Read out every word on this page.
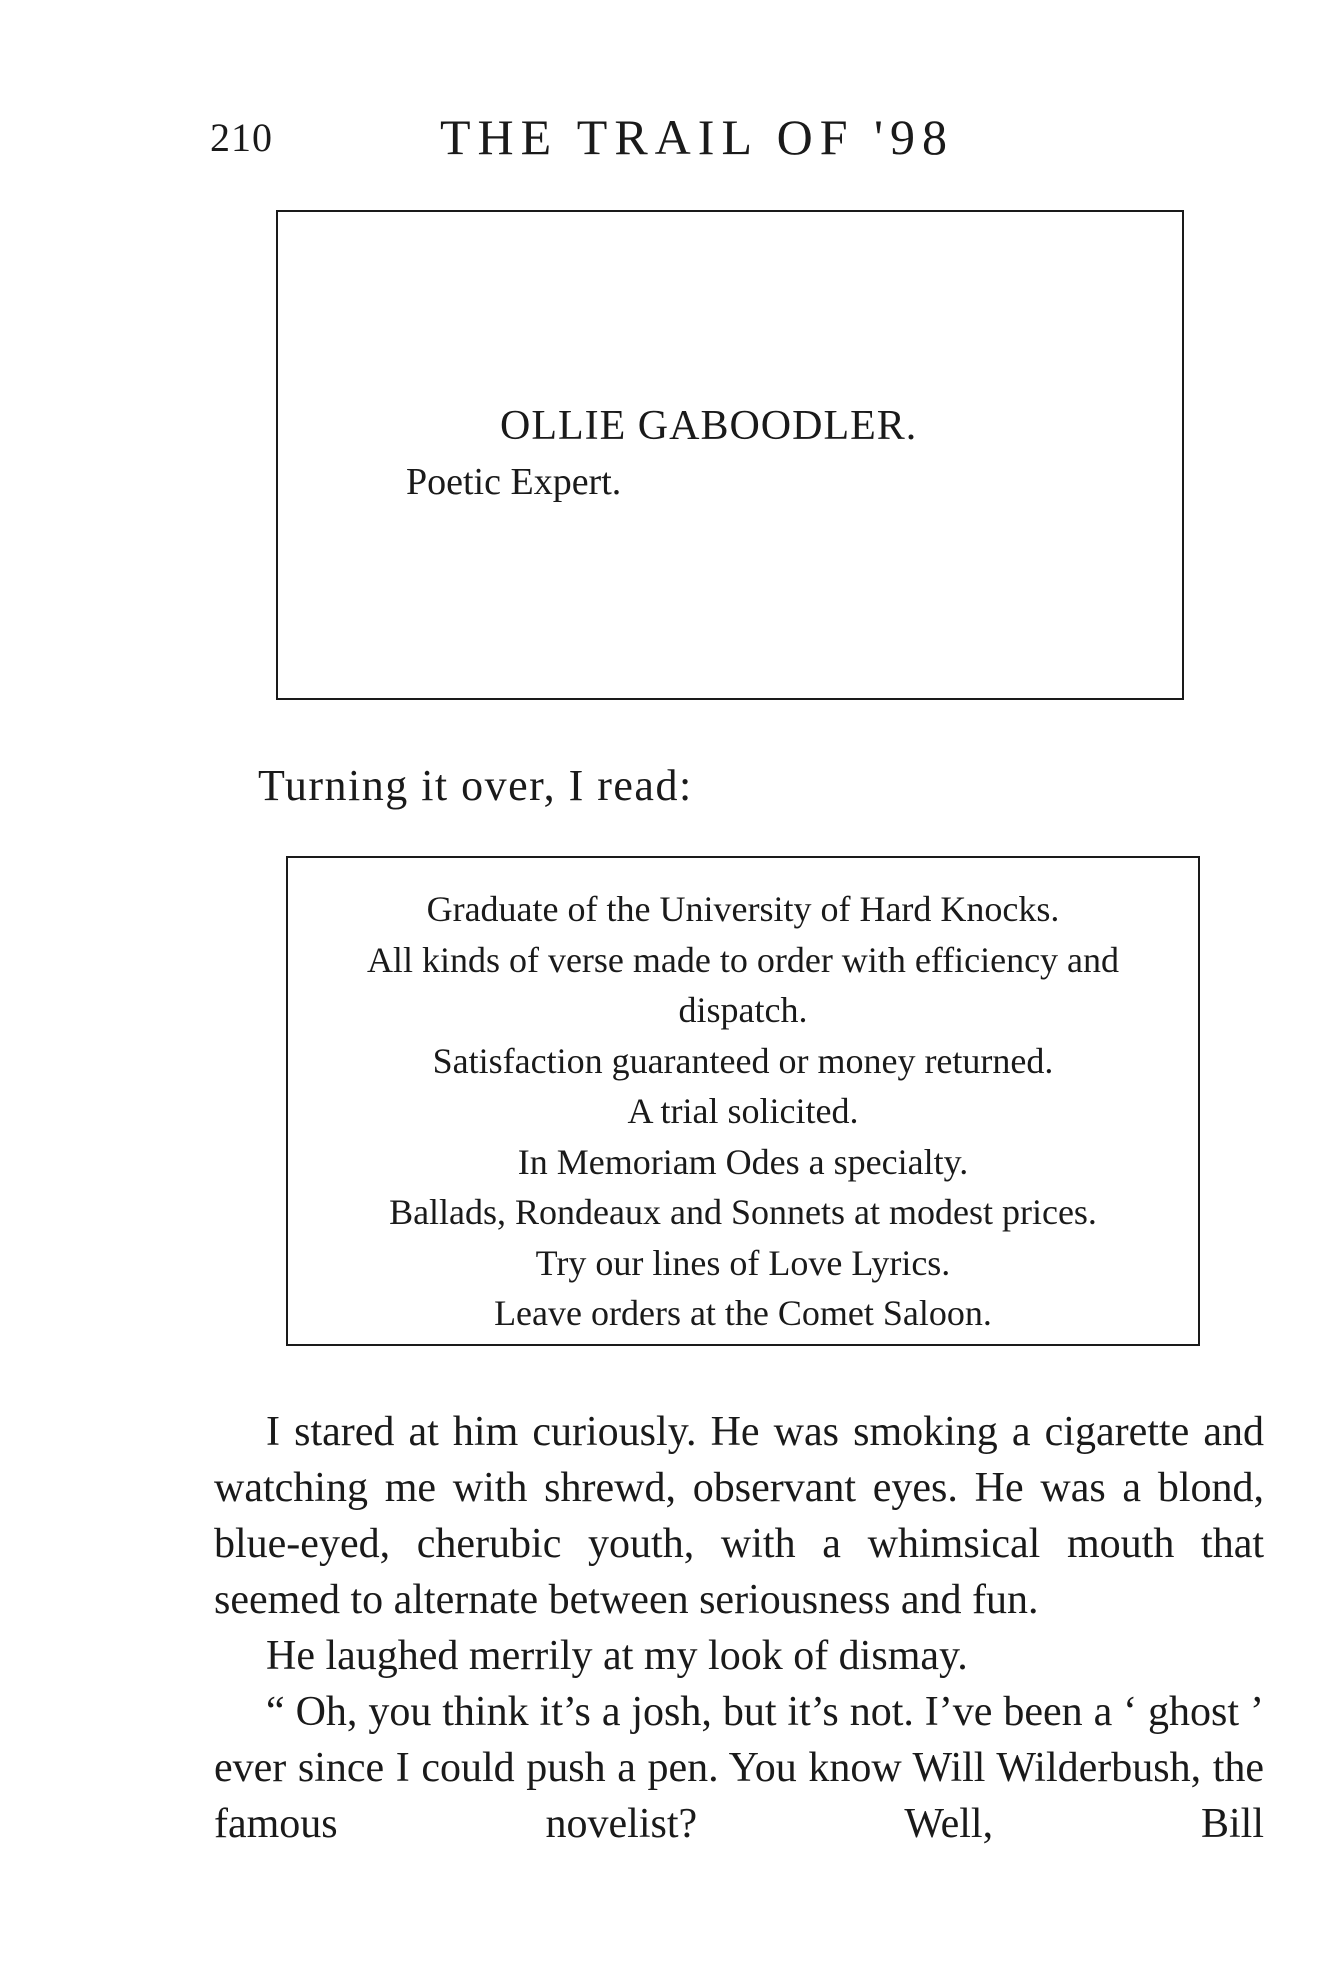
210	THE TRAIL OF '98
OLLIE GABOODLER.
Poetic Expert.
Turning it over, I read:
Graduate of the University of Hard Knocks.
All kinds of verse made to order with efficiency and
dispatch.
Satisfaction guaranteed or money returned.
A trial solicited.
In Memoriam Odes a specialty.
Ballads, Rondeaux and Sonnets at modest prices.
Try our lines of Love Lyrics.
Leave orders at the Comet Saloon.

I stared at him curiously. He was smoking a cigarette and watching me with shrewd, observant eyes. He was a blond, blue-eyed, cherubic youth, with a whimsical mouth that seemed to alternate between seriousness and fun.

He laughed merrily at my look of dismay.

“ Oh, you think it’s a josh, but it’s not. I’ve been a ‘ ghost ’ ever since I could push a pen. You know Will Wilderbush, the famous novelist? Well, Bill
